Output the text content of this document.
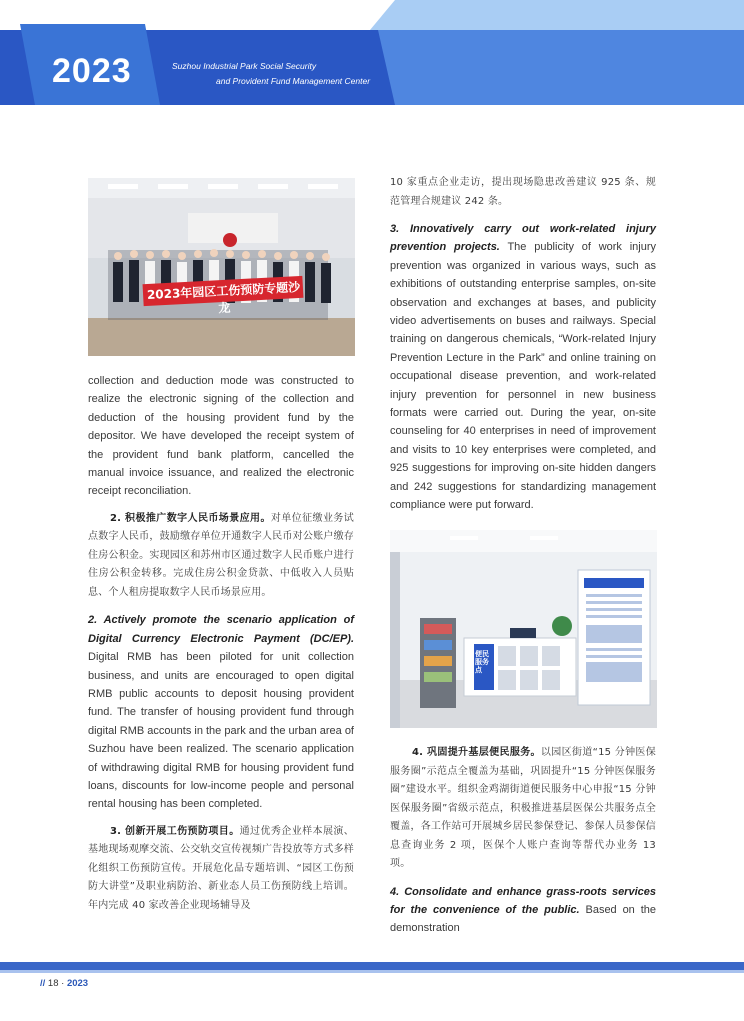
2023	Suzhou Industrial Park Social Security
and Provident Fund Management Center
2023年园区工伤预防专题沙龙

collection and deduction mode was constructed to realize the electronic signing of the collection and deduction of the housing provident fund by the depositor. We have developed the receipt system of the provident fund bank platform, cancelled the manual invoice issuance, and realized the electronic receipt reconciliation.

2. 积极推广数字人民币场景应用。对单位征缴业务试点数字人民币，鼓励缴存单位开通数字人民币对公账户缴存住房公积金。实现园区和苏州市区通过数字人民币账户进行住房公积金转移。完成住房公积金贷款、中低收入人员贴息、个人租房提取数字人民币场景应用。

2. Actively promote the scenario application of Digital Currency Electronic Payment (DC/EP). Digital RMB has been piloted for unit collection business, and units are encouraged to open digital RMB public accounts to deposit housing provident fund. The transfer of housing provident fund through digital RMB accounts in the park and the urban area of Suzhou have been realized. The scenario application of withdrawing digital RMB for housing provident fund loans, discounts for low-income people and personal rental housing has been completed.

3. 创新开展工伤预防项目。通过优秀企业样本展演、基地现场观摩交流、公交轨交宣传视频广告投放等方式多样化组织工伤预防宣传。开展危化品专题培训、“园区工伤预防大讲堂”及职业病防治、新业态人员工伤预防线上培训。年内完成 40 家改善企业现场辅导及

10 家重点企业走访，提出现场隐患改善建议 925 条、规范管理合规建议 242 条。

3. Innovatively carry out work-related injury prevention projects. The publicity of work injury prevention was organized in various ways, such as exhibitions of outstanding enterprise samples, on-site observation and exchanges at bases, and publicity video advertisements on buses and railways. Special training on dangerous chemicals, “Work-related Injury Prevention Lecture in the Park” and online training on occupational disease prevention, and work-related injury prevention for personnel in new business formats were carried out. During the year, on-site counseling for 40 enterprises in need of improvement and visits to 10 key enterprises were completed, and 925 suggestions for improving on-site hidden dangers and 242 suggestions for standardizing management compliance were put forward.

便民服务点

4. 巩固提升基层便民服务。以园区街道“15 分钟医保服务圈”示范点全覆盖为基础，巩固提升“15 分钟医保服务圈”建设水平。组织金鸡湖街道便民服务中心申报“15 分钟医保服务圈”省级示范点，积极推进基层医保公共服务点全覆盖，各工作站可开展城乡居民参保登记、参保人员参保信息查询业务 2 项，医保个人账户查询等帮代办业务 13 项。

4. Consolidate and enhance grass-roots services for the convenience of the public. Based on the demonstration

// 18 · 2023
